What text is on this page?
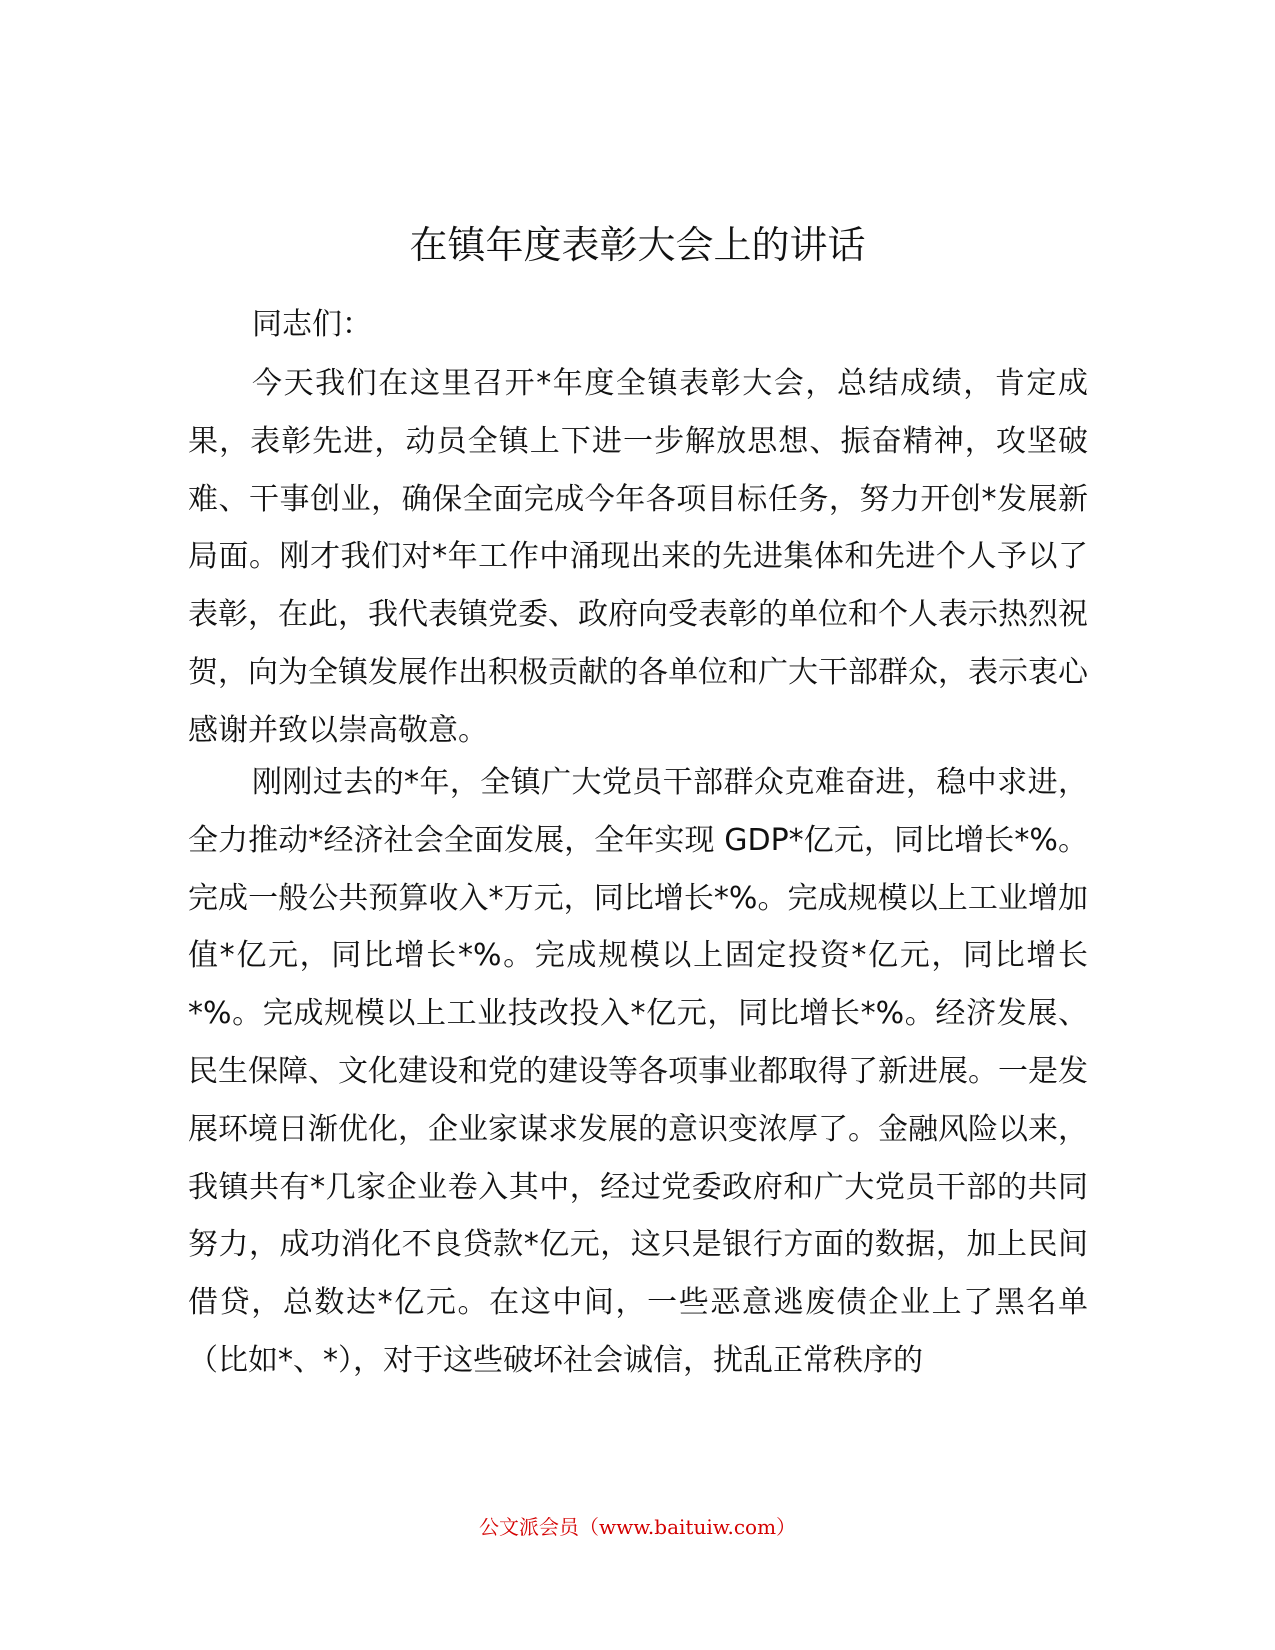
在镇年度表彰大会上的讲话

同志们：

今天我们在这里召开*年度全镇表彰大会，总结成绩，肯定成果，表彰先进，动员全镇上下进一步解放思想、振奋精神，攻坚破难、干事创业，确保全面完成今年各项目标任务，努力开创*发展新局面。刚才我们对*年工作中涌现出来的先进集体和先进个人予以了表彰，在此，我代表镇党委、政府向受表彰的单位和个人表示热烈祝贺，向为全镇发展作出积极贡献的各单位和广大干部群众，表示衷心感谢并致以崇高敬意。

刚刚过去的*年，全镇广大党员干部群众克难奋进，稳中求进，全力推动*经济社会全面发展，全年实现 GDP*亿元，同比增长*%。完成一般公共预算收入*万元，同比增长*%。完成规模以上工业增加值*亿元，同比增长*%。完成规模以上固定投资*亿元，同比增长*%。完成规模以上工业技改投入*亿元，同比增长*%。经济发展、民生保障、文化建设和党的建设等各项事业都取得了新进展。一是发展环境日渐优化，企业家谋求发展的意识变浓厚了。金融风险以来，我镇共有*几家企业卷入其中，经过党委政府和广大党员干部的共同努力，成功消化不良贷款*亿元，这只是银行方面的数据，加上民间借贷，总数达*亿元。在这中间，一些恶意逃废债企业上了黑名单（比如*、*），对于这些破坏社会诚信，扰乱正常秩序的

公文派会员（www.baituiw.com）
